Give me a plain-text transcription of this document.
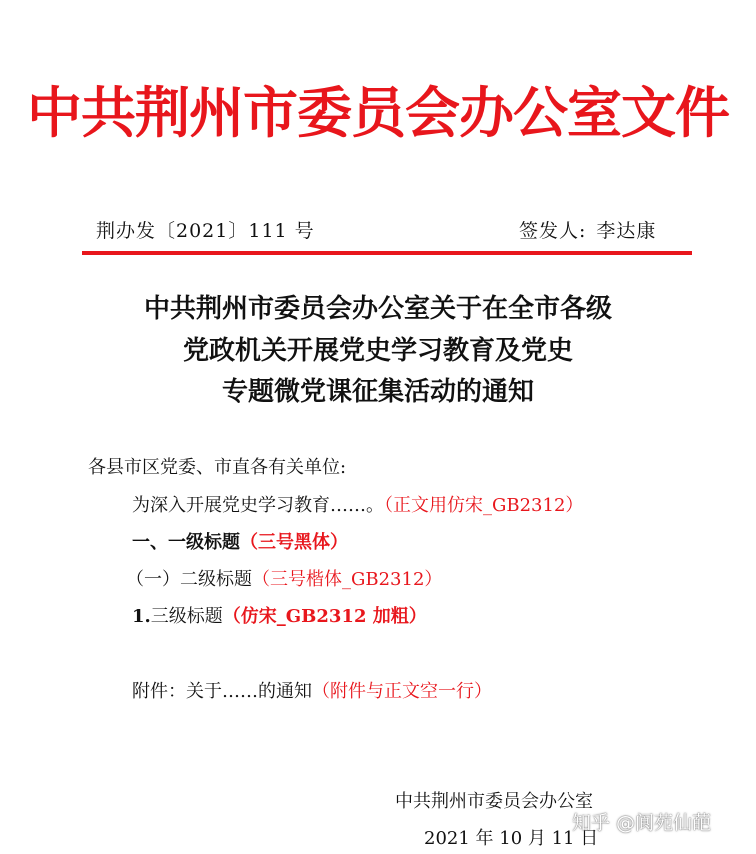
中共荆州市委员会办公室文件
荆办发〔2021〕111 号	签发人: 李达康
中共荆州市委员会办公室关于在全市各级
党政机关开展党史学习教育及党史
专题微党课征集活动的通知
各县市区党委、市直各有关单位:
为深入开展党史学习教育……。（正文用仿宋_GB2312）
一、一级标题（三号黑体）
（一）二级标题（三号楷体_GB2312）
1.三级标题（仿宋_GB2312 加粗）
附件：关于……的通知（附件与正文空一行）
中共荆州市委员会办公室
2021 年 10 月 11 日
知乎 @阆苑仙葩
